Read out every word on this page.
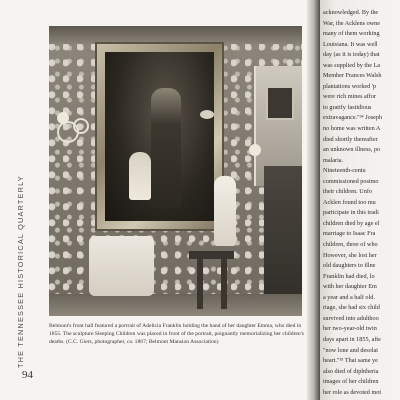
THE TENNESSEE HISTORICAL QUARTERLY
94
Belmont's front hall featured a portrait of Adelicia Franklin holding the hand of her daughter Emma, who died in 1855. The sculpture Sleeping Children was placed in front of the portrait, poignantly memorializing her children's deaths. (C.C. Giers, photographer, ca. 1867; Belmont Mansion Association)
acknowledged. By the
War, the Acklens owne
many of them working
Louisiana. It was well
day (as it is today) that
was supplied by the La
Member Frances Walsh
plantations worked 'p
were rich mines affor
to gratify fastidious
extravagance."³⁴ Joseph
no home was written A
died shortly thereafter
an unknown illness, po
malaria.
Nineteenth-centu
commissioned postmo
their children. Unfo
Acklen found too mu
participate in this tradi
children died by age el
marriage to Isaac Fra
children, three of who
However, she lost her
old daughters to illne
Franklin had died, lo
with her daughter Em
a year and a half old.
riage, she had six child
survived into adulthoo
her two-year-old twin
days apart in 1855, afte
"now lone and desolat
heart."³⁵ That same ye
also died of diphtheria
images of her children
her role as devoted mot
